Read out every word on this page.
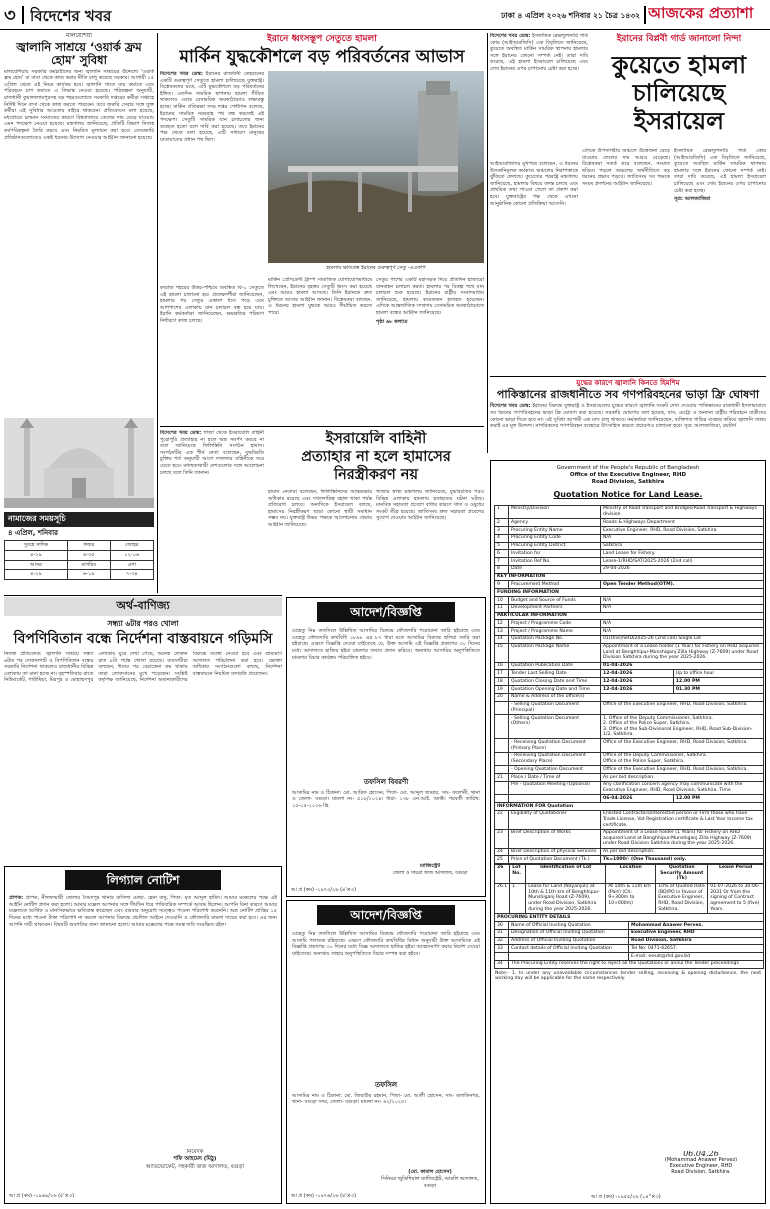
৩ বিদেশের খবর	ঢাকা ৪ এপ্রিল ২০২৬ শনিবার ২১ চৈত্র ১৪৩২ আজকের প্রত্যাশা
মালয়েশিয়া
জ্বালানি সাশ্রয়ে ‘ওয়ার্ক ফ্রম হোম’ সুবিধা
মালয়েশিয়ায় সরকারি কর্মচারীদের জন্য জ্বালানি সাশ্রয়ের উদ্দেশ্যে ‘ওয়ার্ক ফ্রম হোম’ বা বাসা থেকে কাজ করার নীতি চালু করেছে সরকার। আগামী ১৫ এপ্রিল থেকে এই নিয়ম কার্যকর হবে। জ্বালানি খাতে ব্যয় কমাতে এবং পরিবহনে চাপ কমাতে এ সিদ্ধান্ত নেওয়া হয়েছে। পরিকল্পনা অনুযায়ী, রাজধানী কুয়ালালামপুরসহ বড় শহরগুলোতে সরকারি দপ্তরের কর্মীরা সপ্তাহে নির্দিষ্ট দিনে বাসা থেকে কাজ করতে পারবেন। তবে জরুরি সেবার সঙ্গে যুক্ত কর্মীরা এই সুবিধার আওতার বাইরে থাকবেন। প্রতিবেদনে বলা হয়েছে, মধ্যপ্রাচ্যে চলমান সংঘাতের কারণে বিশ্ববাজারে তেলের দাম বেড়ে যাওয়ায় এমন পদক্ষেপ নেওয়া হয়েছে। মন্ত্রণালয় জানিয়েছে, প্রতিটি বিভাগ নিজস্ব কর্মপরিকল্পনা তৈরি করবে এবং নিয়মিত মূল্যায়ন করা হবে। বেসরকারি প্রতিষ্ঠানগুলোকেও একই ধরনের উদ্যোগ নেওয়ার আহ্বান জানানো হয়েছে।
নামাজের সময়সূচি
৪ এপ্রিল, শনিবার
সুবহে সাদিক	ফজর	জোহর
৪-২৯	৪-৩৫	১২-০৬
আসর	মাগরিব	এশা
৪-২৯	৬-১৯	৭-৩৪
ইরানে ধ্বংসস্তূপ সেতুতে হামলা
মার্কিন যুদ্ধকৌশলে বড় পরিবর্তনের আভাস
বিদেশের খবর ডেস্ক: ইরানের রাজধানী তেহরানের একটি গুরুত্বপূর্ণ সেতুতে হামলা চালিয়েছে যুক্তরাষ্ট্র। বিশ্লেষকদের মতে, এটি যুদ্ধকৌশলে বড় পরিবর্তনের ইঙ্গিত। এতদিন সামরিক স্থাপনায় হামলা সীমিত থাকলেও এবার বেসামরিক অবকাঠামোও লক্ষ্যবস্তু হচ্ছে। মার্কিন প্রতিরক্ষা সদর দপ্তর পেন্টাগন বলেছে, ইরানের সামরিক সরবরাহ পথ বন্ধ করতেই এই পদক্ষেপ। সেতুটি সামরিক যান চলাচলের জন্য ব্যবহৃত হতো বলে দাবি করা হয়েছে। তবে ইরানের পক্ষ থেকে বলা হয়েছে, এটি সাধারণ মানুষের যাতায়াতের প্রধান পথ ছিল।
কারাজ শহরের উত্তর-পশ্চিমে অবস্থিত বি-১ সেতুতে এই হামলা চালানো হয়। প্রত্যক্ষদর্শীরা জানিয়েছেন, হামলার পর সেতুর একাংশ ধসে পড়ে এবং আশপাশের এলাকায় যান চলাচল বন্ধ হয়ে যায়। ইরানি কর্মকর্তারা জানিয়েছেন, ক্ষয়ক্ষতির পরিমাণ নির্ধারণে কাজ চলছে।
হামলায় ক্ষতিগ্রস্ত ইরানের গুরুত্বপূর্ণ সেতু -এএফপি
মার্কিন প্রেসিডেন্ট ট্রাম্প সামাজিক যোগাযোগমাধ্যমে লিখেছেন, ইরানের বৃহত্তম সেতুটি ধ্বংস করা হয়েছে এবং আরও হামলা আসছে। তিনি ইরানকে দ্রুত চুক্তিতে আসার আহ্বান জানান। বিশ্লেষকরা বলছেন, এ ধরনের হামলা যুদ্ধকে আরও দীর্ঘায়িত করতে পারে।
সেতুর পাশের একটি মহাসড়ক দিয়ে প্রতিদিন হাজারো যানবাহন চলাচল করত। হামলার পর বিকল্প পথে যান চলাচল শুরু হয়েছে। ইরানের রাষ্ট্রীয় সংবাদমাধ্যম জানিয়েছে, হামলায় কয়েকজন হতাহত হয়েছেন। এদিকে আন্তর্জাতিক সম্প্রদায় বেসামরিক অবকাঠামোতে হামলা বন্ধের আহ্বান জানিয়েছে।
পৃষ্ঠা ৬৮ কলামে
বিদেশের খবর ডেস্ক: ইসলামিক রেভল্যুশনারি গার্ড কোর (আইআরজিসি) এক বিবৃতিতে জানিয়েছে, কুয়েতে অবস্থিত মার্কিন সামরিক স্থাপনায় হামলার সঙ্গে ইরানের কোনো সম্পর্ক নেই। তারা দাবি করেছে, এই হামলা ইসরায়েল চালিয়েছে এবং দোষ ইরানের ওপর চাপানোর চেষ্টা করা হচ্ছে।
ইরানের বিপ্লবী গার্ড জানালো নিন্দা
কুয়েতে হামলা
চালিয়েছে ইসরায়েল
আইআরজিসির মুখপাত্র বলেছেন, এ ধরনের উসকানিমূলক কর্মকাণ্ড অঞ্চলের নিরাপত্তাকে ঝুঁকিতে ফেলছে। কুয়েতের পররাষ্ট্র মন্ত্রণালয় জানিয়েছে, হামলার বিষয়ে তদন্ত চলছে এবং প্রাথমিক তথ্য পাওয়া গেলে তা প্রকাশ করা হবে। যুক্তরাষ্ট্রের পক্ষ থেকে এখনো আনুষ্ঠানিক কোনো প্রতিক্রিয়া আসেনি।
এদিকে উপসাগরীয় অঞ্চলে উত্তেজনা বেড়ে যাওয়ায় তেলের দাম আরও বেড়েছে। বিশ্লেষকরা সতর্ক করে বলেছেন, সংঘাত ছড়িয়ে পড়লে অঞ্চলের অর্থনীতিতে বড় ধরনের প্রভাব পড়বে। জাতিসংঘ সব পক্ষকে সংযম প্রদর্শনের আহ্বান জানিয়েছে।
ইসলামিক রেভল্যুশনারি গার্ড কোর (আইআরজিসি) এক বিবৃতিতে জানিয়েছে, কুয়েতে অবস্থিত মার্কিন সামরিক স্থাপনায় হামলার সঙ্গে ইরানের কোনো সম্পর্ক নেই। তারা দাবি করেছে, এই হামলা ইসরায়েল চালিয়েছে এবং দোষ ইরানের ওপর চাপানোর চেষ্টা করা হচ্ছে।
সূত্র: আলজাজিরা
যুদ্ধের কারণে জ্বালানি কিনতে হিমশিম
পাকিস্তানের রাজধানীতে সব গণপরিবহনের ভাড়া ফ্রি ঘোষণা
বিদেশের খবর ডেস্ক: ইরানের বিরুদ্ধে যুক্তরাষ্ট্র ও ইসরায়েলের যুদ্ধের কারণে জ্বালানি সংকট দেখা দেওয়ায় পাকিস্তানের রাজধানী ইসলামাবাদে সব ধরনের গণপরিবহনের ভাড়া ফ্রি ঘোষণা করা হয়েছে। সরকারি ঘোষণায় বলা হয়েছে, বাস, মেট্রো ও অন্যান্য রাষ্ট্রীয় পরিবহনে যাত্রীদের কোনো ভাড়া দিতে হবে না। এই সুবিধা আগামী এক মাস চালু থাকবে। কর্মকর্তারা জানিয়েছেন, ব্যক্তিগত গাড়ির ব্যবহার কমিয়ে জ্বালানি সাশ্রয় করাই এর মূল উদ্দেশ্য। নাগরিকদের গণপরিবহন ব্যবহারে উৎসাহিত করতে প্রচারণাও চালানো হবে। সূত্র: আলজাজিরা, রয়টার্স
বিদেশের খবর ডেস্ক: গাজা থেকে ইসরায়েলি বাহিনী পুরোপুরি প্রত্যাহার না হলে অস্ত্র সমর্পণ করবে না বলে জানিয়েছে ফিলিস্তিনি সংগঠন হামাস। সংগঠনটির এক শীর্ষ নেতা বলেছেন, যুদ্ধবিরতি চুক্তির শর্ত অনুযায়ী আগে দখলদার বাহিনীকে সরে যেতে হবে। মধ্যস্থতাকারী দেশগুলোর সঙ্গে আলোচনা চলছে বলে তিনি জানান।
ইসরায়েলি বাহিনী
প্রত্যাহার না হলে হামাসের
নিরস্ত্রীকরণ নয়
হামাস নেতারা বলেছেন, ফিলিস্তিনিদের আত্মরক্ষার অধিকার রয়েছে এবং দখলদারিত্ব বহাল থাকা পর্যন্ত প্রতিরোধ চলবে। অন্যদিকে ইসরায়েল বলছে, হামাসের নিরস্ত্রীকরণ ছাড়া কোনো স্থায়ী সমাধান সম্ভব নয়। যুক্তরাষ্ট্র উভয় পক্ষকে আলোচনায় ফেরার আহ্বান জানিয়েছে।
গাজার স্বাস্থ্য মন্ত্রণালয় জানিয়েছে, যুদ্ধবিরতির পরও বিভিন্ন এলাকায় হামলায় হতাহতের ঘটনা ঘটছে। মানবিক সহায়তা প্রবেশে বাধার কারণে খাদ্য ও ওষুধের সংকট তীব্র হয়েছে। জাতিসংঘ দ্রুত সহায়তা প্রবেশের সুযোগ দেওয়ার আহ্বান জানিয়েছে।
অর্থ-বাণিজ্য
সন্ধ্যা ৬টার পরও খোলা
বিপণিবিতান বন্ধে নির্দেশনা বাস্তবায়নে গড়িমসি
নিজস্ব প্রতিবেদক: জ্বালানি সাশ্রয়ে সন্ধ্যা ৬টার পর দোকানপাট ও বিপণিবিতান বন্ধের সরকারি নির্দেশনা থাকলেও রাজধানীর বিভিন্ন এলাকায় তা মানা হচ্ছে না। বৃহস্পতিবার রাতে নিউমার্কেট, গাউছিয়া, মিরপুর ও মোহাম্মদপুর এলাকায় ঘুরে দেখা গেছে, অনেক দোকান রাত ৮টা পর্যন্ত খোলা রয়েছে। ব্যবসায়ীরা বলছেন, ঈদের পর বেচাকেনা কম থাকায় তারা লোকসানের মুখে পড়েছেন। সংশ্লিষ্ট কর্তৃপক্ষ জানিয়েছে, নির্দেশনা অমান্যকারীদের বিরুদ্ধে ব্যবস্থা নেওয়া হবে এবং ভ্রাম্যমাণ আদালত পরিচালনা করা হবে। ভোক্তা অধিকার সংগঠনগুলো বলছে, নির্দেশনা বাস্তবায়নে নিয়মিত তদারকি প্রয়োজন।
লিগ্যাল নোটিশ
প্রাপক: প্রাপক, নীলফামারী জেলার সৈয়দপুর থানার বাসিন্দা মোছা. হেনা বানু, পিতা- মৃত আব্দুল হামিদ। আমার মক্কেলের পক্ষে এই আইনি নোটিশ প্রদান করা হলো। আমার মক্কেল আপনার সঙ্গে দীর্ঘদিন ধরে পারিবারিক সম্পর্কে আবদ্ধ ছিলেন। আপনি বিনা কারণে আমার মক্কেলকে আর্থিক ও মানসিকভাবে ক্ষতিগ্রস্ত করেছেন এবং বারবার অনুরোধ সত্ত্বেও পাওনা পরিশোধ করেননি। অত্র নোটিশ প্রাপ্তির ১৫ দিনের মধ্যে পাওনা টাকা পরিশোধ না করলে আপনার বিরুদ্ধে প্রচলিত আইনে দেওয়ানি ও ফৌজদারি মামলা দায়ের করা হবে। এর জন্য আপনি দায়ী থাকবেন। বিষয়টি অবগতির জন্য জানানো হলো। আমার মক্কেলের পক্ষে সমস্ত দাবি সংরক্ষিত রইল।
নিবেদক
শফি আহমেদ (মিঠু)
অ্যাডভোকেট, সহকারী জজ আদালত, বগুড়া
আ প্র (কম) -১৯৬৯/২৬ (৫'×৩)
আদেশ/বিজ্ঞপ্তি
যেহেতু নিম্ন তফসিলে উল্লিখিত আসামির বিরুদ্ধে ফৌজদারি পরোয়ানা জারি হইয়াছে এবং যেহেতু ফৌজদারি কার্যবিধি ১৮৯৮ এর ৮৭ ধারা মতে আসামির বিরুদ্ধে হুলিয়া জারি করা হইয়াছে। এক্ষণে বিজ্ঞপ্তি দেওয়া যাইতেছে যে, উক্ত আসামি এই বিজ্ঞপ্তি প্রকাশের ৩০ দিনের মধ্যে আদালতে হাজির হইয়া মামলার জবাব প্রদান করিবে। অন্যথায় আসামির অনুপস্থিতিতে মামলার বিচার কার্যক্রম পরিচালিত হইবে।
তফসিল বিবরণী
আসামির নাম ও ঠিকানা: মো. আরিফ হোসেন, পিতা- মো. আব্দুল জব্বার, সাং- কলোনী, থানা ও জেলা- বগুড়া। মামলা নং- ৫১৮/২০২৪। ধারা- ১৩৮ এন.আই. অ্যাক্ট। পরবর্তী তারিখ: ১৫-০৫-২০২৬ খ্রি.
ম্যাজিস্ট্রেট
জেলা ও দায়রা জজ আদালত, বগুড়া
আ প্র (কম) -১৯৭৩/২৬ (৪'×৩)
আদেশ/বিজ্ঞপ্তি
যেহেতু নিম্ন তফসিলে উল্লিখিত আসামির বিরুদ্ধে ফৌজদারি পরোয়ানা জারি হইয়াছে এবং আসামি পলাতক রহিয়াছে। এক্ষণে ফৌজদারি কার্যবিধির বিধান অনুযায়ী উক্ত আসামিকে এই বিজ্ঞপ্তি প্রকাশের ৩০ দিনের মধ্যে বিজ্ঞ আদালতে হাজির হইয়া আত্মসমর্পণ করার নির্দেশ দেওয়া যাইতেছে। অন্যথায় তাহার অনুপস্থিতিতে বিচার সম্পন্ন করা হইবে।
তফসিল
আসামির নাম ও ঠিকানা: মো. জিয়াউর রহমান, পিতা- মো. আলী হোসেন, সাং- মালতিনগর, থানা- বগুড়া সদর, জেলা- বগুড়া। মামলা নং- ৬২/২০২৫।
(মো. কামাল হোসেন)
সিনিয়র জুডিশিয়াল ম্যাজিস্ট্রেট, আমলি আদালত, বগুড়া
আ প্র (কম) -১৯৭৬/২৬ (৪'×৩)
Government of the People's Republic of Bangladesh
Office of the Executive Engineer, RHD
Road Division, Satkhira
Quotation Notice for Land Lease.
1	Ministry/Division	Ministry of Road Transport and Bridges/Road Transport & Highways division	
2	Agency	Roads & Highways Department	
3	Procuring Entity Name	Executive Engineer, RHD, Road Division, Satkhira	
4	Procuring Entity Code	N/A	
5	Procuring Entity District	Satkhira	
6	Invitation for	Land Lease for Fishery.	
7	Invitation Ref No	Lease-1/RHD/SAT/2025-2026 (2nd call)	
8	Date	29-04-2026	
KEY INFORMATION			
9	Procurement Method	Open Tender Method(OTM).	
FUNDING INFORMATION			
10	Budget and Source of Funds	N/A	
11	Development Partners	N/A	
PARTICULAR INFORMATION			
12	Project / Programme Code	N/A	
13	Project / Programme Name	N/A	
14	Quotation Package No.	01(One)/SRD/2025-26 (2nd call) Single Lot	
15	Quotation Package Name	Appointment of a Lease holder (1 Year) for Fishery on RHD acquired Land at Benghhipur-Munshiganj Zilla Highway (Z-7609) under Road Division Satkhira during the year 2025-2026.	
16	Quotation Publication Date	01-04-2026	
17	Tender Last Selling Date	12-04-2026	Up to office hour
18	Quotation Closing Date and Time	12-04-2026	12.00 PM
19	Quotation Opening Date and Time	12-04-2026	01.30 PM
20	Name & Address of the office(s)		
	- Selling Quotation Document (Principal)	Office of the Executive Engineer, RHD, Road Division, Satkhira.	
	- Selling Quotation Document (Others)	1. Office of the Deputy Commissioner, Satkhira.
2. Office of the Police Super, Satkhira.
3. Office of the Sub-Divisional Engineer, RHD, Road Sub-Division-1/2, Satkhira.	
	- Receiving Quotation Document (Primary Place)	Office of the Executive Engineer, RHD, Road Division, Satkhira.	
	- Receiving Quotation Document (Secondary Place)	Office of the Deputy Commissioner, Satkhira.
Office of the Police Super, Satkhira.	
	- Opening Quotation Document	Office of the Executive Engineer, RHD, Road Division, Satkhira.	
21	Place / Date / Time of	As per bid description.	
	Pre - Quotation Meeting (Optional)	Any clarification concern agency may communicate with the Executive Engineer, RHD, Road Division, Satkhira. Time	
		06-04-2026	12.00 PM
INFORMATION FOR Quotation			
22	Eligibility of Quotationer	Enlisted Contractors/Interested person or Firm those who have Trade License, Vat Registration certificate & Last Year Income tax certificate.	
23	Brief Description of Works	Appointment of a Lease holder (1 Years) for Fishery on RHD acquired Land at Benghhipur-Munshiganj Zilla Highway (Z-7609) under Road Division Satkhira during the year 2025-2026.	
24	Brief Description of physical Services	As per bid description.	
25	Price of Quotation Document (Tk.)	Tk=1000/- (One Thousand) only.	
26	Lot No.	Identification of Lot	Location	Quotation Security Amount (Tk)	Lease Period
26.1	1	Lease for Land (Nayanjuli) at 10th & 11th km of Benghhipur-Munshiganj Road (Z-7609), under Road Division, Satkhira during the year 2025-2026.	At 10th & 11th km (Part) (Ch: 9+300m to 10+000m)	10% of Quoted Rate (BD/PO in favour of Executive Engineer, RHD, Road Division, Satkhira.	01-07-2026 to 30-06-2031 Or from the signing of Contract agreement to 5 (five) Years.
PROCURING ENTITY DETAILS		
30	Name of Official Inviting Quotation	Mohammad Anawer Pervez.
31	Designation of Official Inviting Quotation	Executive Engineer, RHD
32	Address of Official Inviting Quotation	Road Division, Satkhira
33	Contact details of Official Inviting Quotation	Tel No: 0471-62657.
		E-mail: eesat@rhd.gov.bd
34	The Procuring Entity reserves the right to reject all the Quotations or annul the Tender proceedings	
Note:- 1. In under any unavoidable circumstances tender selling, receiving & opening disturbance, the next working day will be applicable for the same respectively.
06.04.26
(Mohammad Anawer Pervez)
Executive Engineer, RHD
Road Division, Satkhira.
আ প্র (কম) -১৯৫৫/২৬ (১৪''×৩)
